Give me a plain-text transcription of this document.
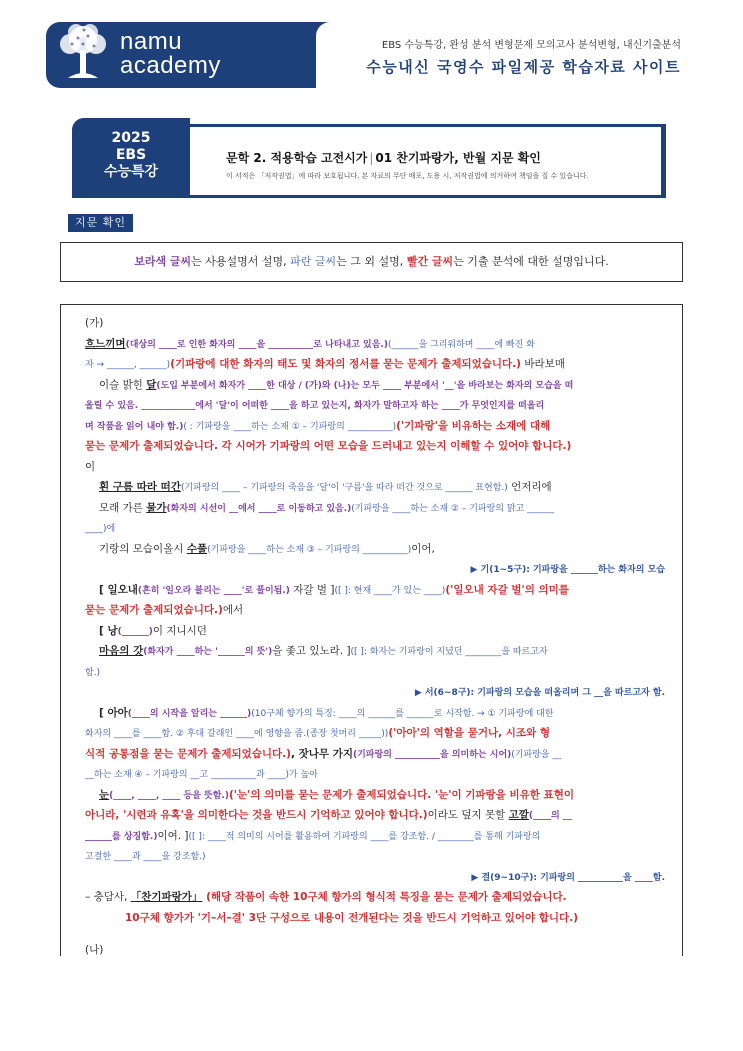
namu
academy
EBS 수능특강, 완성 분석 변형문제 모의고사 분석변형, 내신기출분석
수능내신 국영수 파일제공 학습자료 사이트
문학 2. 적용학습 고전시가 | 01 찬기파랑가, 반월 지문 확인
이 서적은 「저작권법」에 따라 보호됩니다. 본 자료의 무단 배포, 도용 시, 저작권법에 의거하여 책임을 질 수 있습니다.
2025
EBS
수능특강
지문 확인
보라색 글씨는 사용설명서 설명, 파란 글씨는 그 외 설명, 빨간 글씨는 기출 분석에 대한 설명입니다.
(가)
흐느끼며(대상의 ____로 인한 화자의 ____을 __________로 나타내고 있음.)(______을 그리워하며 ____에 빠진 화
자 → ______, ______)(기파랑에 대한 화자의 태도 및 화자의 정서를 묻는 문제가 출제되었습니다.) 바라보매
이슬 밝힌 달(도입 부분에서 화자가 ____한 대상 / (가)와 (나)는 모두 ____ 부분에서 '__'을 바라보는 화자의 모습을 떠
올릴 수 있음. ____________에서 '달'이 어떠한 ____을 하고 있는지, 화자가 말하고자 하는 ____가 무엇인지를 떠올리
며 작품을 읽어 내야 함.)( : 기파랑을 ____하는 소재 ① – 기파랑의 __________)('기파랑'을 비유하는 소재에 대해
묻는 문제가 출제되었습니다. 각 시어가 기파랑의 어떤 모습을 드러내고 있는지 이해할 수 있어야 합니다.)
이
흰 구름 따라 떠간(기파랑의 ____ – 기파랑의 죽음을 '달'이 '구름'을 따라 떠간 것으로 ______ 표현함.) 언저리에
모래 가른 물가(화자의 시선이 __에서 ____로 이동하고 있음.)(기파랑을 ____하는 소재 ② – 기파랑의 맑고 ______
____)에
기랑의 모습이올시 수풀(기파랑을 ____하는 소재 ③ – 기파랑의 __________)이어,
▶ 기(1~5구): 기파랑을 ______하는 화자의 모습
[ 일오내(흔히 '일오라 불리는 ____'로 풀이됨.) 자갈 벌 ]([ ]: 현재 ____가 있는 ____)('일오내 자갈 벌'의 의미를
묻는 문제가 출제되었습니다.)에서
[ 낭(______)이 지니시던
마음의 갓(화자가 ____하는 '______의 뜻')을 좇고 있노라. ]([ ]: 화자는 기파랑이 지녔던 ________을 따르고자
함.)
▶ 서(6~8구): 기파랑의 모습을 떠올리며 그 __을 따르고자 함.
[ 아아(____의 시작을 알리는 ______)(10구체 향가의 특징: ____의 ______를 ______로 시작함. → ① 기파랑에 대한
화자의 ____를 ____함. ② 후대 갈래인 ____에 영향을 줌.(종장 첫머리 _____))('아아'의 역할을 묻거나, 시조와 형
식적 공통점을 묻는 문제가 출제되었습니다.), 잣나무 가지(기파랑의 __________을 의미하는 시어)(기파랑을 __
__하는 소재 ④ – 기파랑의 __고 __________과 ____)가 높아
눈(____, ____, ____ 등을 뜻함.)('눈'의 의미를 묻는 문제가 출제되었습니다. '눈'이 기파랑을 비유한 표현이
아니라, '시련과 유혹'을 의미한다는 것을 반드시 기억하고 있어야 합니다.)이라도 덮지 못할 고깔(____의 __
______를 상징함.)이여. ]([ ]: ____적 의미의 시어를 활용하여 기파랑의 ____를 강조함. / ________를 통해 기파랑의
고결한 ____과 ____을 강조함.)
▶ 결(9~10구): 기파랑의 __________을 ____함.
– 충담사, 「찬기파랑가」 (해당 작품이 속한 10구체 향가의 형식적 특징을 묻는 문제가 출제되었습니다.
10구체 향가가 '기–서–결' 3단 구성으로 내용이 전개된다는 것을 반드시 기억하고 있어야 합니다.)
(나)
